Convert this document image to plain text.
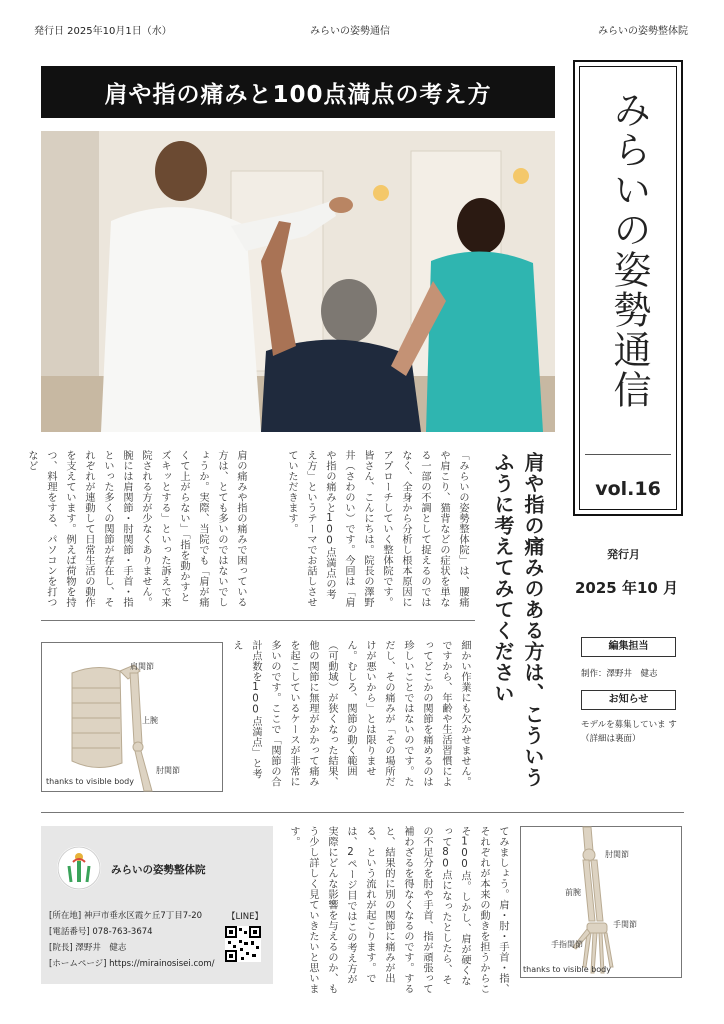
発行日 2025年10月1日（水）	みらいの姿勢通信	みらいの姿勢整体院
肩や指の痛みと100点満点の考え方	みらいの姿勢通信
vol.16
発行月
2025 年10 月
編集担当
制作：澤野井　健志
お知らせ
モデルを募集していま す（詳細は裏面）
肩や指の痛みのある方は、こういうふうに考えてみてください
「みらいの姿勢整体院」は、腰痛や肩こり、猫背などの症状を単なる一部の不調として捉えるのではなく、全身から分析し根本原因にアプローチしていく整体院です。皆さん、こんにちは。院長の澤野井（さわのい）です。今回は「肩や指の痛みと100点満点の考え方」というテーマでお話しさせていただきます。
肩の痛みや指の痛みで困っている方は、とても多いのではないでしょうか。実際、当院でも「肩が痛くて上がらない」「指を動かすとズキッとする」といった訴えで来院される方が少なくありません。腕には肩関節・肘関節・手首・指といった多くの関節が存在し、それぞれが連動して日常生活の動作を支えています。例えば荷物を持つ、料理をする、パソコンを打つなど
細かい作業にも欠かせません。ですから、年齢や生活習慣によってどこかの関節を痛めるのは珍しいことではないのです。ただし、その痛みが「その場所だけが悪いから」とは限りません。むしろ、関節の動く範囲（可動域）が狭くなった結果、他の関節に無理がかかって痛みを起こしているケースが非常に多いのです。ここで「関節の合計点数を100点満点」と考え
てみましょう。肩・肘・手首・指、それぞれが本来の動きを担うからこそ100点。しかし、肩が硬くなって80点になったとしたら、その不足分を肘や手首、指が頑張って補わざるを得なくなるのです。すると、結果的に別の関節に痛みが出る、という流れが起こります。では、2ページ目ではこの考え方が実際にどんな影響を与えるのか、もう少し詳しく見ていきたいと思います。
肩関節
上腕
肘関節
thanks to visible body
肘関節
前腕
手関節
手指関節
thanks to visible body
みらいの姿勢整体院
[所在地] 神戸市垂水区霞ケ丘7丁目7-20
[電話番号] 078-763-3674
[院長] 澤野井　健志
[ホームページ] https://mirainosisei.com/
【LINE】
